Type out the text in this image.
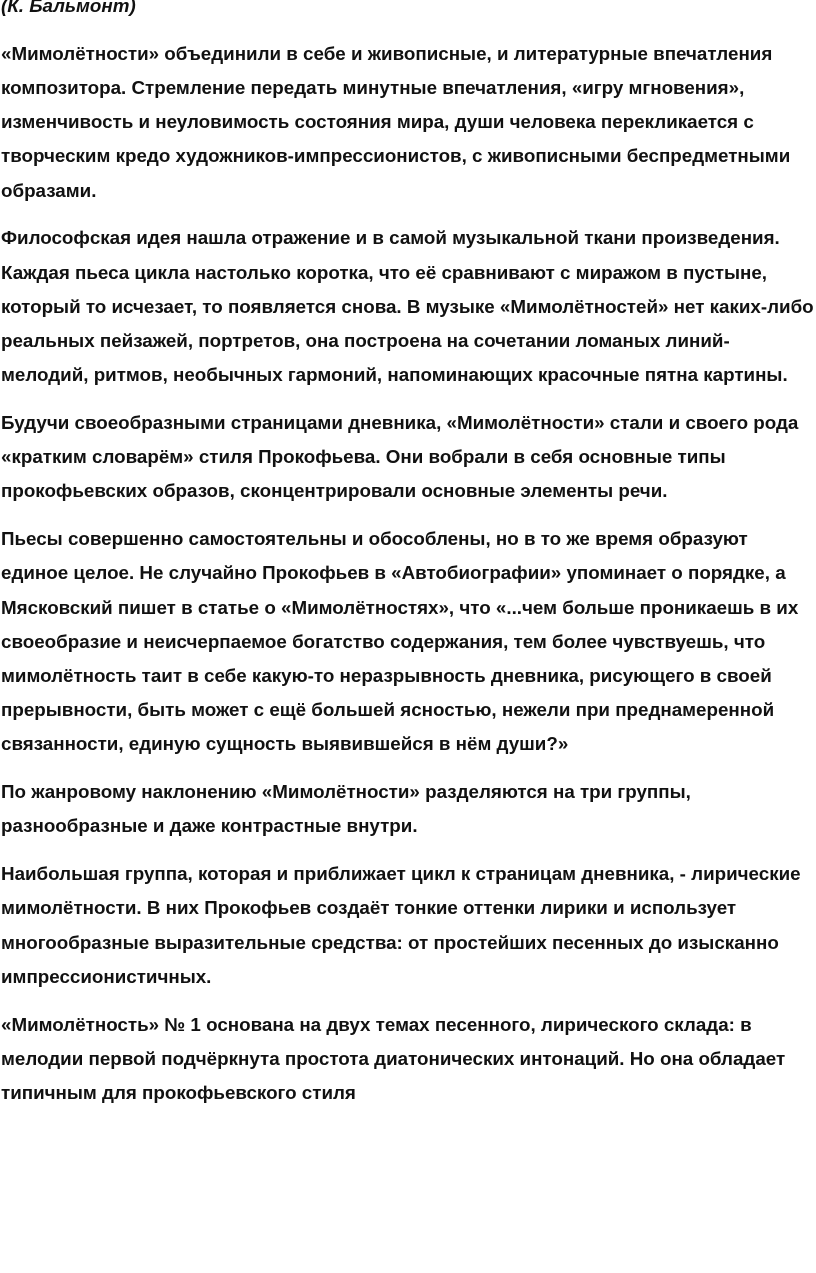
(К. Бальмонт)

«Мимолётности» объединили в себе и живописные, и литературные впечатления композитора. Стремление передать минутные впечатления, «игру мгновения», изменчивость и неуловимость состояния мира, души человека перекликается с творческим кредо художников-импрессионистов, с живописными беспредметными образами.

Философская идея нашла отражение и в самой музыкальной ткани произведения. Каждая пьеса цикла настолько коротка, что её сравнивают с миражом в пустыне, который то исчезает, то появляется снова. В музыке «Мимолётностей» нет каких-либо реальных пейзажей, портретов, она построена на сочетании ломаных линий-мелодий, ритмов, необычных гармоний, напоминающих красочные пятна картины.

Будучи своеобразными страницами дневника, «Мимолётности» стали и своего рода «кратким словарём» стиля Прокофьева. Они вобрали в себя основные типы прокофьевских образов, сконцентрировали основные элементы речи.

Пьесы совершенно самостоятельны и обособлены, но в то же время образуют единое целое. Не случайно Прокофьев в «Автобиографии» упоминает о порядке, а Мясковский пишет в статье о «Мимолётностях», что «...чем больше проникаешь в их своеобразие и неисчерпаемое богатство содержания, тем более чувствуешь, что мимолётность таит в себе какую-то неразрывность дневника, рисующего в своей прерывности, быть может с ещё большей ясностью, нежели при преднамеренной связанности, единую сущность выявившейся в нём души?»

По жанровому наклонению «Мимолётности» разделяются на три группы, разнообразные и даже контрастные внутри.

Наибольшая группа, которая и приближает цикл к страницам дневника, - лирические мимолётности. В них Прокофьев создаёт тонкие оттенки лирики и использует многообразные выразительные средства: от простейших песенных до изысканно импрессионистичных.

«Мимолётность» № 1 основана на двух темах песенного, лирического склада: в мелодии первой подчёркнута простота диатонических интонаций. Но она обладает типичным для прокофьевского стиля
